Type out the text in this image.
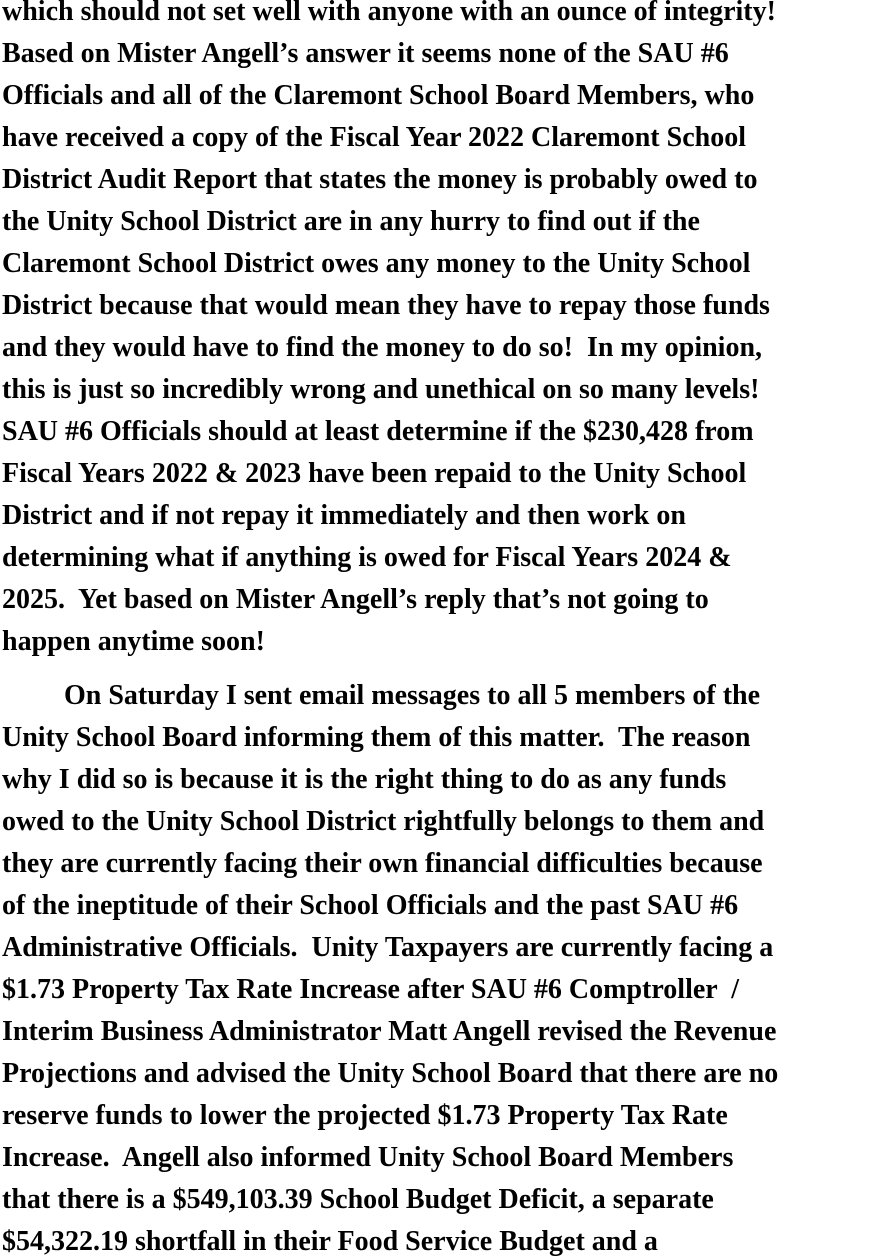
which should not set well with anyone with an ounce of integrity!

Based on Mister Angell’s answer it seems none of the SAU #6

Officials and all of the Claremont School Board Members, who

have received a copy of the Fiscal Year 2022 Claremont School

District Audit Report that states the money is probably owed to

the Unity School District are in any hurry to find out if the

Claremont School District owes any money to the Unity School

District because that would mean they have to repay those funds

and they would have to find the money to do so!  In my opinion,

this is just so incredibly wrong and unethical on so many levels!

SAU #6 Officials should at least determine if the $230,428 from

Fiscal Years 2022 & 2023 have been repaid to the Unity School

District and if not repay it immediately and then work on

determining what if anything is owed for Fiscal Years 2024 &

2025.  Yet based on Mister Angell’s reply that’s not going to

happen anytime soon!

On Saturday I sent email messages to all 5 members of the

Unity School Board informing them of this matter.  The reason

why I did so is because it is the right thing to do as any funds

owed to the Unity School District rightfully belongs to them and

they are currently facing their own financial difficulties because

of the ineptitude of their School Officials and the past SAU #6

Administrative Officials.  Unity Taxpayers are currently facing a

$1.73 Property Tax Rate Increase after SAU #6 Comptroller  /

Interim Business Administrator Matt Angell revised the Revenue

Projections and advised the Unity School Board that there are no

reserve funds to lower the projected $1.73 Property Tax Rate

Increase.  Angell also informed Unity School Board Members

that there is a $549,103.39 School Budget Deficit, a separate

$54,322.19 shortfall in their Food Service Budget and a
